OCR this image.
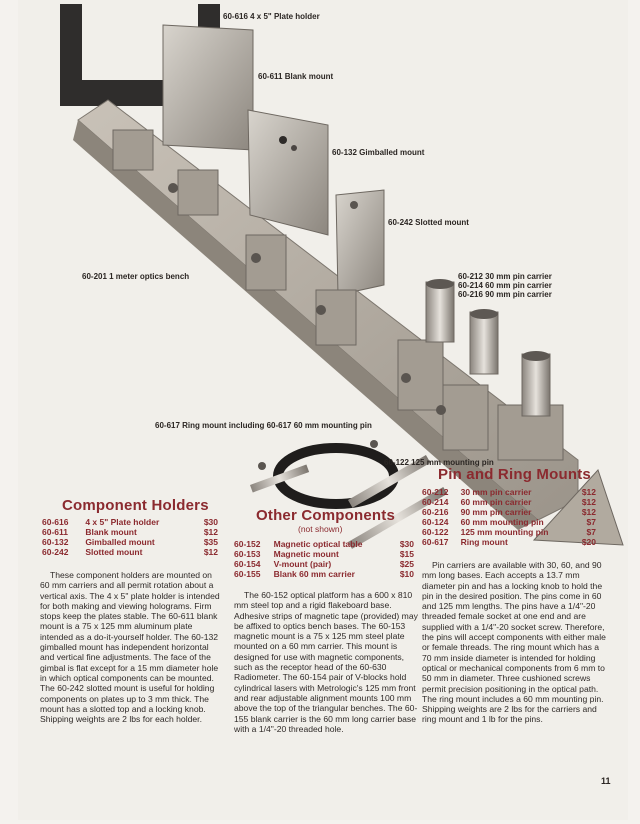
60-616 4 x 5" Plate holder
60-611 Blank mount
60-132 Gimballed mount
60-242 Slotted mount
60-201 1 meter optics bench	60-212 30 mm pin carrier
60-214 60 mm pin carrier
60-216 90 mm pin carrier
60-617 Ring mount including 60-617 60 mm mounting pin
60-122 125 mm mounting pin
Component Holders
60-616	4 x 5" Plate holder	$30
60-611	Blank mount	$12
60-132	Gimballed mount	$35
60-242	Slotted mount	$12

These component holders are mounted on 60 mm carriers and all permit rotation about a vertical axis. The 4 x 5" plate holder is intended for both making and viewing holograms. Firm stops keep the plates stable. The 60-611 blank mount is a 75 x 125 mm aluminum plate intended as a do-it-yourself holder. The 60-132 gimballed mount has independent horizontal and vertical fine adjustments. The face of the gimbal is flat except for a 15 mm diameter hole in which optical components can be mounted. The 60-242 slotted mount is useful for holding components on plates up to 3 mm thick. The mount has a slotted top and a locking knob. Shipping weights are 2 lbs for each holder.

Other Components
(not shown)
60-152	Magnetic optical table	$30
60-153	Magnetic mount	$15
60-154	V-mount (pair)	$25
60-155	Blank 60 mm carrier	$10

The 60-152 optical platform has a 600 x 810 mm steel top and a rigid flakeboard base. Adhesive strips of magnetic tape (provided) may be affixed to optics bench bases. The 60-153 magnetic mount is a 75 x 125 mm steel plate mounted on a 60 mm carrier. This mount is designed for use with magnetic components, such as the receptor head of the 60-630 Radiometer. The 60-154 pair of V-blocks hold cylindrical lasers with Metrologic's 125 mm front and rear adjustable alignment mounts 100 mm above the top of the triangular benches. The 60-155 blank carrier is the 60 mm long carrier base with a 1/4"-20 threaded hole.

Pin and Ring Mounts
60-212	30 mm pin carrier	$12
60-214	60 mm pin carrier	$12
60-216	90 mm pin carrier	$12
60-124	60 mm mounting pin	$7
60-122	125 mm mounting pin	$7
60-617	Ring mount	$20

Pin carriers are available with 30, 60, and 90 mm long bases. Each accepts a 13.7 mm diameter pin and has a locking knob to hold the pin in the desired position. The pins come in 60 and 125 mm lengths. The pins have a 1/4"-20 threaded female socket at one end and are supplied with a 1/4"-20 socket screw. Therefore, the pins will accept components with either male or female threads. The ring mount which has a 70 mm inside diameter is intended for holding optical or mechanical components from 6 mm to 50 mm in diameter. Three cushioned screws permit precision positioning in the optical path. The ring mount includes a 60 mm mounting pin. Shipping weights are 2 lbs for the carriers and ring mount and 1 lb for the pins.

11
